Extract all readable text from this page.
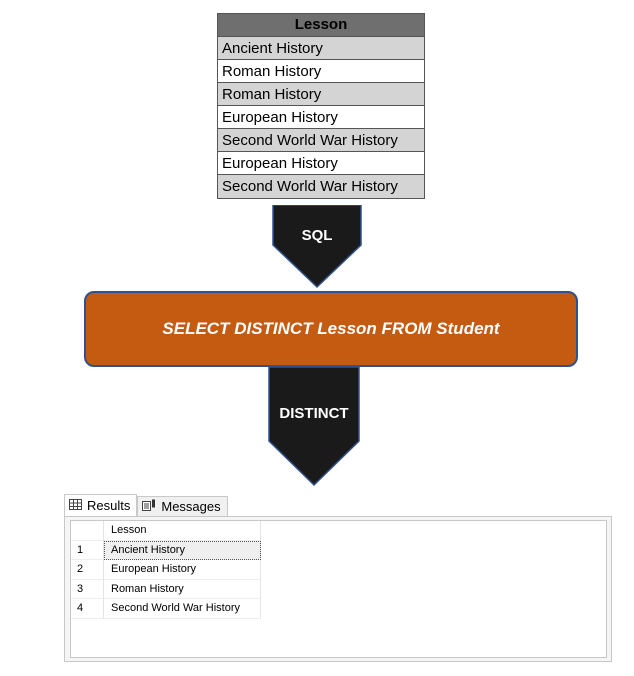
Lesson
Ancient History
Roman History
Roman History
European History
Second World War History
European History
Second World War History
SQL
SELECT DISTINCT Lesson FROM Student
DISTINCT
Results Messages
Lesson
1	Ancient History
2	European History
3	Roman History
4	Second World War History
